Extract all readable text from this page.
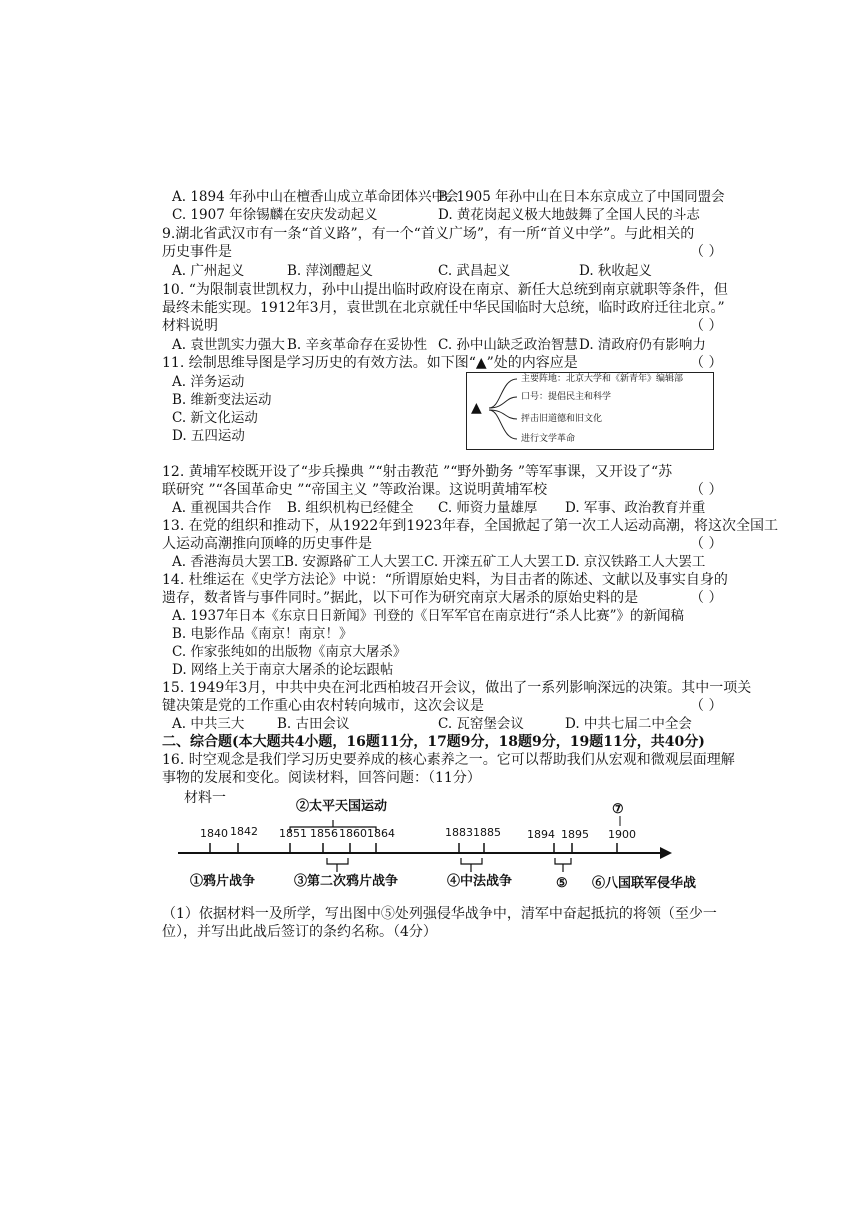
A. 1894 年孙中山在檀香山成立革命团体兴中会
B. 1905 年孙中山在日本东京成立了中国同盟会
C. 1907 年徐锡麟在安庆发动起义	D. 黄花岗起义极大地鼓舞了全国人民的斗志
9.湖北省武汉市有一条“首义路”，有一个“首义广场”，有一所“首义中学”。与此相关的
历史事件是	（ ）
A. 广州起义	B. 萍浏醴起义	C. 武昌起义	D. 秋收起义
10. “为限制袁世凯权力，孙中山提出临时政府设在南京、新任大总统到南京就职等条件，但
最终未能实现。1912年3月，袁世凯在北京就任中华民国临时大总统，临时政府迁往北京。”
材料说明	（ ）
A. 袁世凯实力强大 B. 辛亥革命存在妥协性 C. 孙中山缺乏政治智慧 D. 清政府仍有影响力
11. 绘制思维导图是学习历史的有效方法。如下图“▲”处的内容应是	（ ）
A. 洋务运动
B. 维新变法运动
C. 新文化运动
D. 五四运动
▲
主要阵地：北京大学和《新青年》编辑部
口号：提倡民主和科学
抨击旧道德和旧文化
进行文学革命
12. 黄埔军校既开设了“步兵操典 ”“射击教范 ”“野外勤务 ”等军事课，又开设了“苏
联研究 ”“各国革命史 ”“帝国主义 ”等政治课。这说明黄埔军校	（ ）
A. 重视国共合作 B. 组织机构已经健全 C. 师资力量雄厚 D. 军事、政治教育并重
13. 在党的组织和推动下，从1922年到1923年春，全国掀起了第一次工人运动高潮，将这次全国工
人运动高潮推向顶峰的历史事件是	（ ）
A. 香港海员大罢工 B. 安源路矿工人大罢工 C. 开滦五矿工人大罢工 D. 京汉铁路工人大罢工
14. 杜维运在《史学方法论》中说：“所谓原始史料，为目击者的陈述、文献以及事实自身的
遗存，数者皆与事件同时。”据此，以下可作为研究南京大屠杀的原始史料的是	（ ）
A. 1937年日本《东京日日新闻》刊登的《日军军官在南京进行“杀人比赛”》的新闻稿
B. 电影作品《南京！南京！》
C. 作家张纯如的出版物《南京大屠杀》
D. 网络上关于南京大屠杀的论坛跟帖
15. 1949年3月，中共中央在河北西柏坡召开会议，做出了一系列影响深远的决策。其中一项关
键决策是党的工作重心由农村转向城市，这次会议是	（ ）
A. 中共三大 B. 古田会议	C. 瓦窑堡会议	D. 中共七届二中全会
二、综合题(本大题共4小题，16题11分，17题9分，18题9分，19题11分，共40分)
16. 时空观念是我们学习历史要养成的核心素养之一。它可以帮助我们从宏观和微观层面理解
事物的发展和变化。阅读材料，回答问题：（11分）
材料一
1840 1842 1851 1856 1860 1864	1883 1885 1894 1895 1900
②太平天国运动	⑦
①鸦片战争	③第二次鸦片战争	④中法战争	⑤ ⑥八国联军侵华战
（1）依据材料一及所学，写出图中⑤处列强侵华战争中，清军中奋起抵抗的将领（至少一
位），并写出此战后签订的条约名称。（4分）
